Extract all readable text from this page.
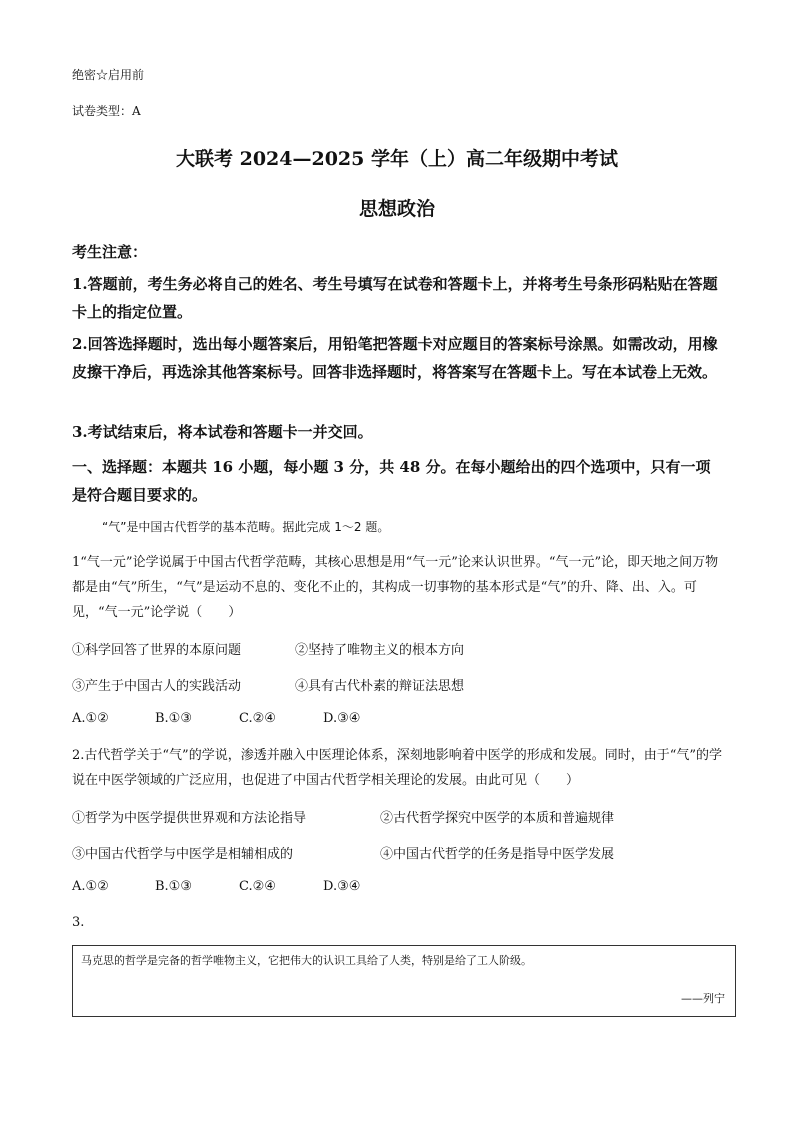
绝密☆启用前
试卷类型：A
大联考 2024—2025 学年（上）高二年级期中考试
思想政治
考生注意：
1.答题前，考生务必将自己的姓名、考生号填写在试卷和答题卡上，并将考生号条形码粘贴在答题卡上的指定位置。
2.回答选择题时，选出每小题答案后，用铅笔把答题卡对应题目的答案标号涂黑。如需改动，用橡皮擦干净后，再选涂其他答案标号。回答非选择题时，将答案写在答题卡上。写在本试卷上无效。
3.考试结束后，将本试卷和答题卡一并交回。
一、选择题：本题共 16 小题，每小题 3 分，共 48 分。在每小题给出的四个选项中，只有一项是符合题目要求的。
“气”是中国古代哲学的基本范畴。据此完成 1～2 题。
1“气一元”论学说属于中国古代哲学范畴，其核心思想是用“气一元”论来认识世界。“气一元”论，即天地之间万物都是由“气”所生，“气”是运动不息的、变化不止的，其构成一切事物的基本形式是“气”的升、降、出、入。可见，“气一元”论学说（　　）
①科学回答了世界的本原问题	②坚持了唯物主义的根本方向
③产生于中国古人的实践活动	④具有古代朴素的辩证法思想
A.①②	B.①③	C.②④	D.③④
2.古代哲学关于“气”的学说，渗透并融入中医理论体系，深刻地影响着中医学的形成和发展。同时，由于“气”的学说在中医学领域的广泛应用，也促进了中国古代哲学相关理论的发展。由此可见（　　）
①哲学为中医学提供世界观和方法论指导	②古代哲学探究中医学的本质和普遍规律
③中国古代哲学与中医学是相辅相成的	④中国古代哲学的任务是指导中医学发展
A.①②	B.①③	C.②④	D.③④
3.
马克思的哲学是完备的哲学唯物主义，它把伟大的认识工具给了人类，特别是给了工人阶级。
——列宁
